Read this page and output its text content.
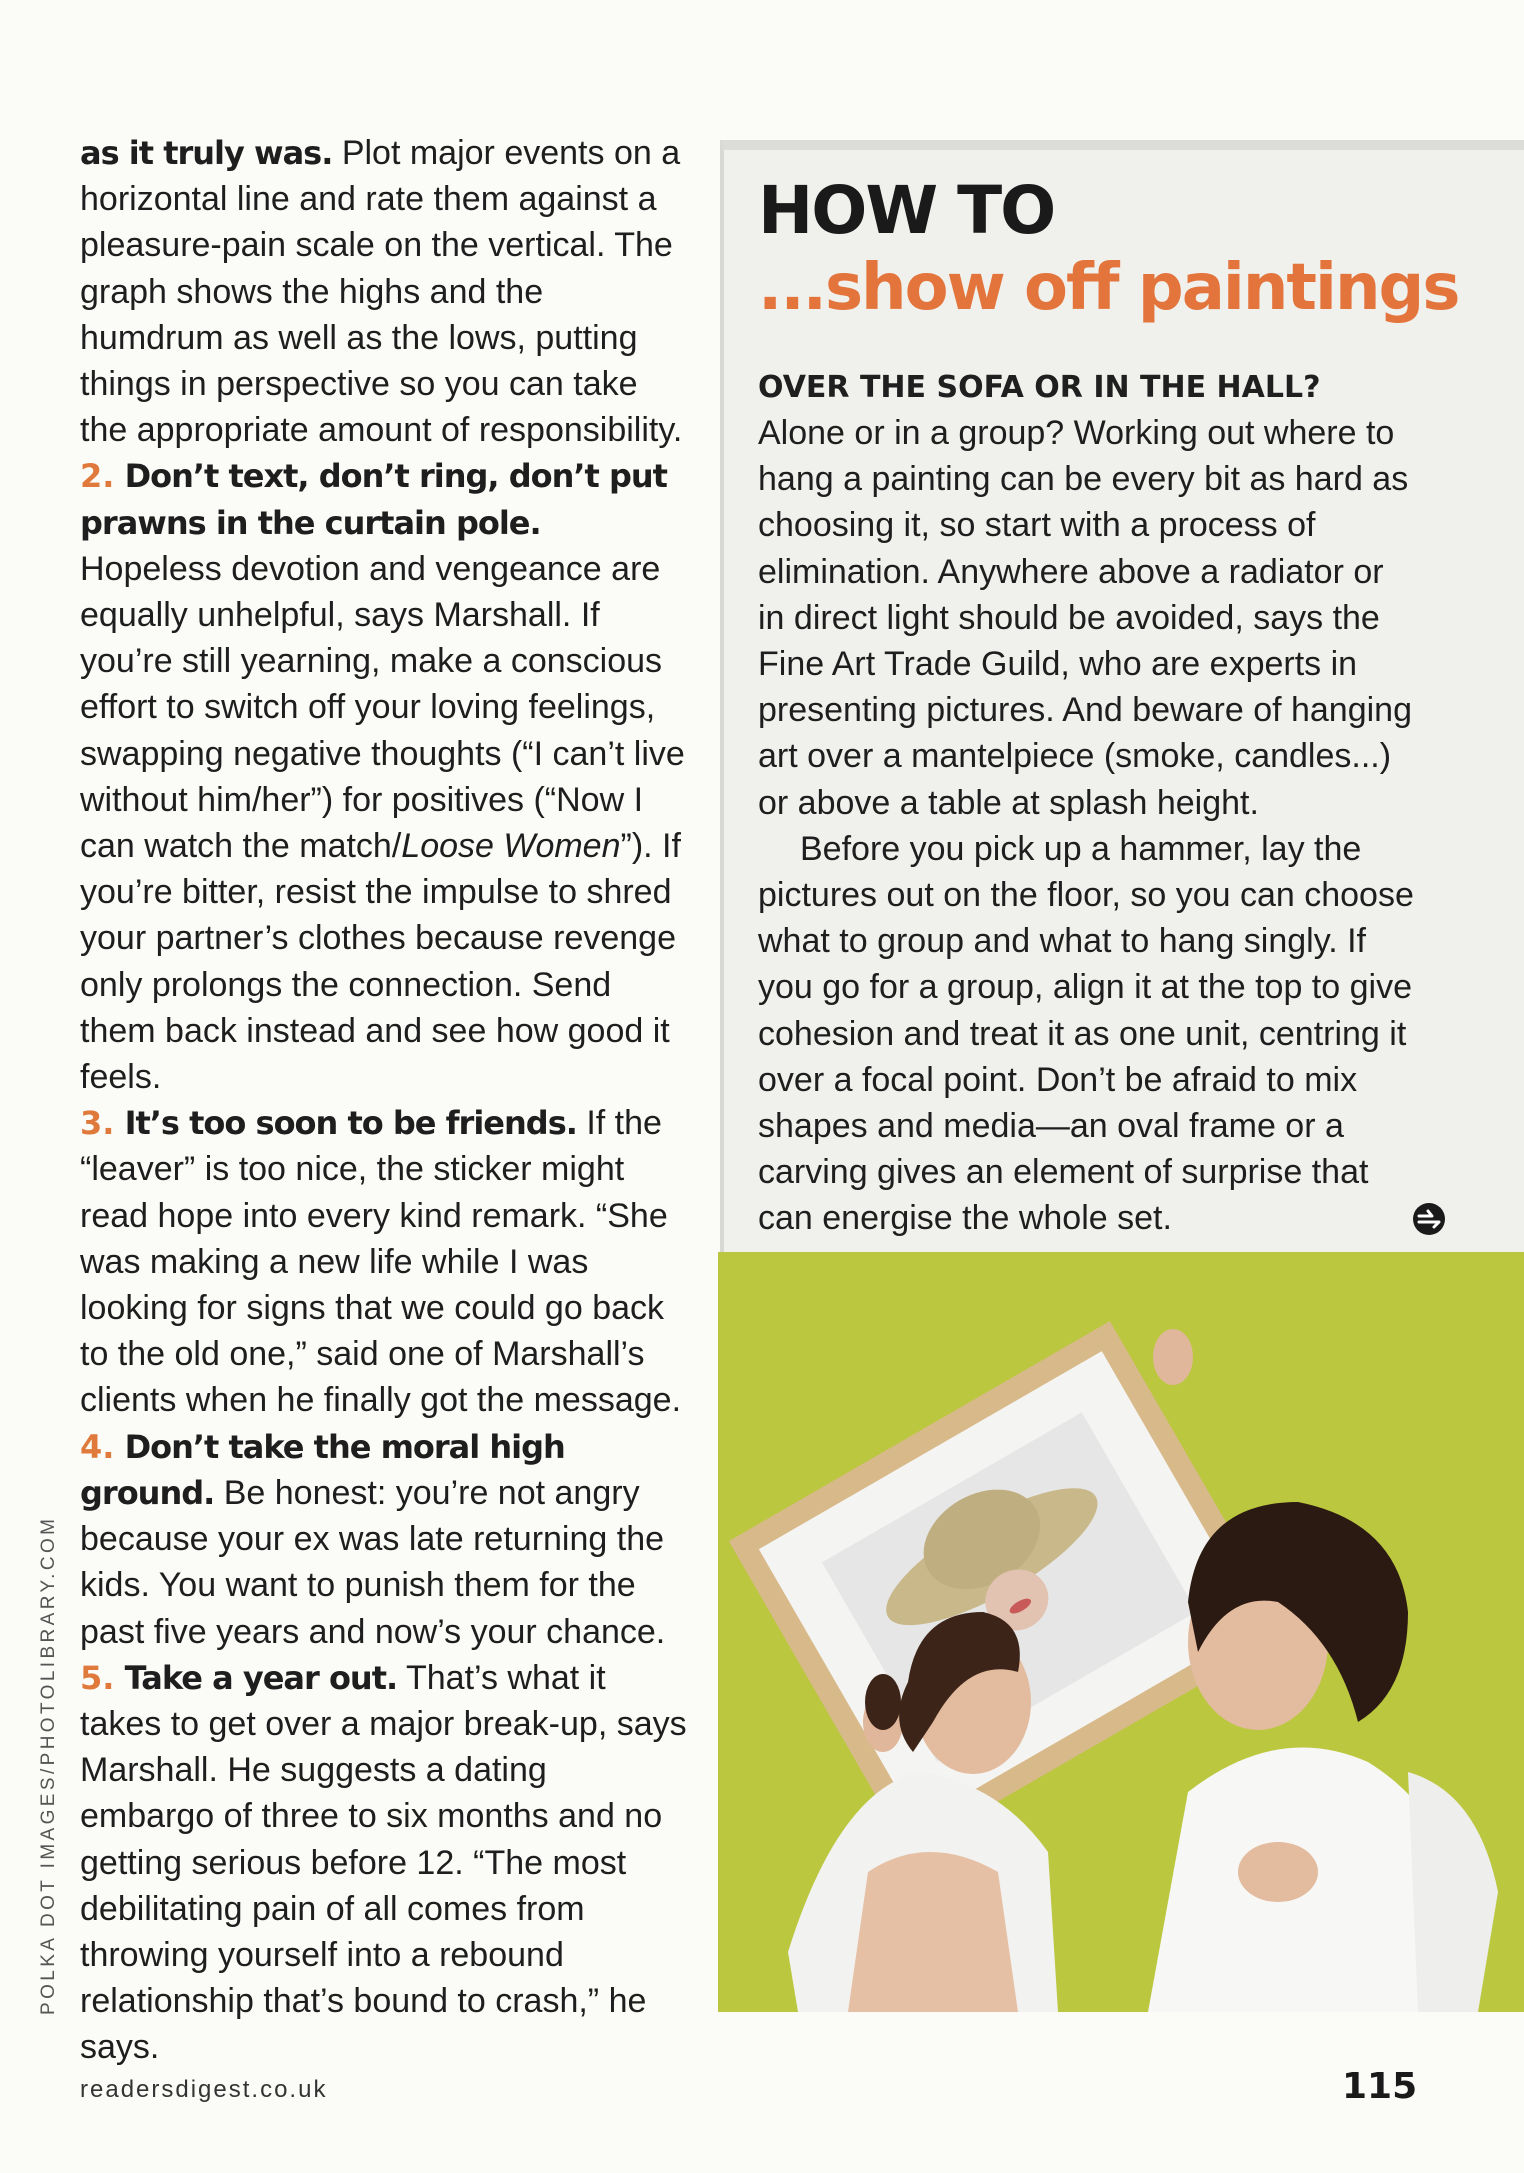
as it truly was. Plot major events on a horizontal line and rate them against a pleasure-pain scale on the vertical. The graph shows the highs and the humdrum as well as the lows, putting things in perspective so you can take the appropriate amount of responsibility.

2. Don’t text, don’t ring, don’t put prawns in the curtain pole. Hopeless devotion and vengeance are equally unhelpful, says Marshall. If you’re still yearning, make a conscious effort to switch off your loving feelings, swapping negative thoughts (“I can’t live without him/her”) for positives (“Now I can watch the match/Loose Women”). If you’re bitter, resist the impulse to shred your partner’s clothes because revenge only prolongs the connection. Send them back instead and see how good it feels.

3. It’s too soon to be friends. If the “leaver” is too nice, the sticker might read hope into every kind remark. “She was making a new life while I was looking for signs that we could go back to the old one,” said one of Marshall’s clients when he finally got the message.

4. Don’t take the moral high ground. Be honest: you’re not angry because your ex was late returning the kids. You want to punish them for the past five years and now’s your chance.

5. Take a year out. That’s what it takes to get over a major break-up, says Marshall. He suggests a dating embargo of three to six months and no getting serious before 12. “The most debilitating pain of all comes from throwing yourself into a rebound relationship that’s bound to crash,” he says.

POLKA DOT IMAGES/PHOTOLIBRARY.COM
HOW TO
...show off paintings
OVER THE SOFA OR IN THE HALL?

Alone or in a group? Working out where to hang a painting can be every bit as hard as choosing it, so start with a process of elimination. Anywhere above a radiator or in direct light should be avoided, says the Fine Art Trade Guild, who are experts in presenting pictures. And beware of hanging art over a mantelpiece (smoke, candles...) or above a table at splash height.

Before you pick up a hammer, lay the pictures out on the floor, so you can choose what to group and what to hang singly. If you go for a group, align it at the top to give cohesion and treat it as one unit, centring it over a focal point. Don’t be afraid to mix shapes and media—an oval frame or a carving gives an element of surprise that can energise the whole set.

readersdigest.co.uk	115
